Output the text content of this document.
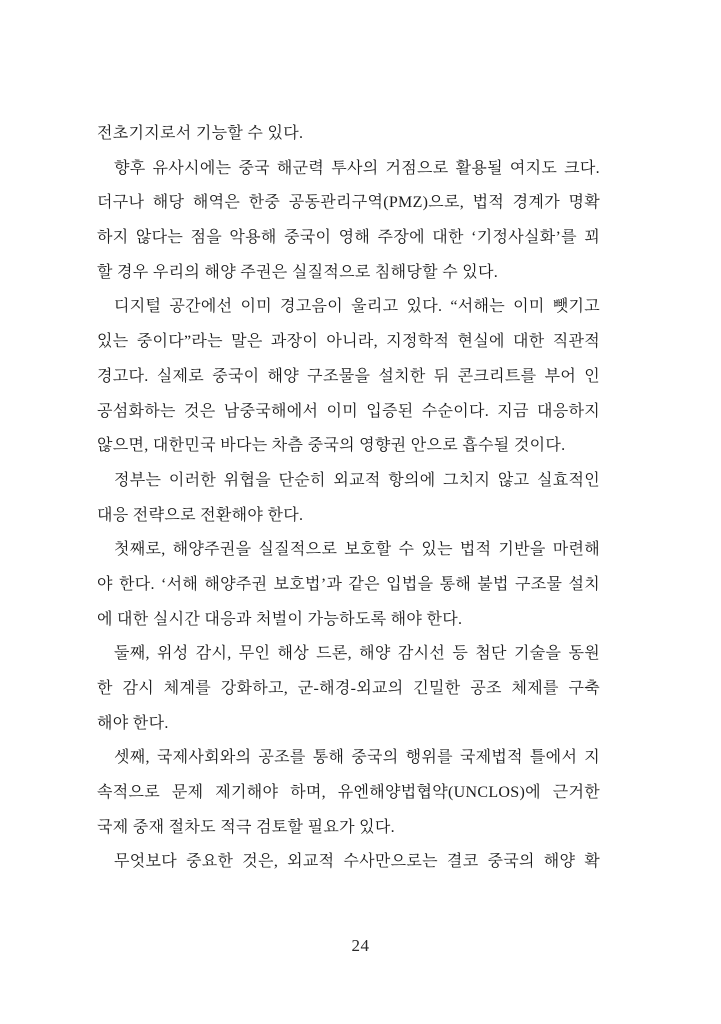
전초기지로서 기능할 수 있다.
향후 유사시에는 중국 해군력 투사의 거점으로 활용될 여지도 크다.
더구나 해당 해역은 한중 공동관리구역(PMZ)으로, 법적 경계가 명확
하지 않다는 점을 악용해 중국이 영해 주장에 대한 ‘기정사실화’를 꾀
할 경우 우리의 해양 주권은 실질적으로 침해당할 수 있다.
디지털 공간에선 이미 경고음이 울리고 있다. “서해는 이미 뺏기고
있는 중이다”라는 말은 과장이 아니라, 지정학적 현실에 대한 직관적
경고다. 실제로 중국이 해양 구조물을 설치한 뒤 콘크리트를 부어 인
공섬화하는 것은 남중국해에서 이미 입증된 수순이다. 지금 대응하지
않으면, 대한민국 바다는 차츰 중국의 영향권 안으로 흡수될 것이다.
정부는 이러한 위협을 단순히 외교적 항의에 그치지 않고 실효적인
대응 전략으로 전환해야 한다.
첫째로, 해양주권을 실질적으로 보호할 수 있는 법적 기반을 마련해
야 한다. ‘서해 해양주권 보호법’과 같은 입법을 통해 불법 구조물 설치
에 대한 실시간 대응과 처벌이 가능하도록 해야 한다.
둘째, 위성 감시, 무인 해상 드론, 해양 감시선 등 첨단 기술을 동원
한 감시 체계를 강화하고, 군-해경-외교의 긴밀한 공조 체제를 구축
해야 한다.
셋째, 국제사회와의 공조를 통해 중국의 행위를 국제법적 틀에서 지
속적으로 문제 제기해야 하며, 유엔해양법협약(UNCLOS)에 근거한
국제 중재 절차도 적극 검토할 필요가 있다.
무엇보다 중요한 것은, 외교적 수사만으로는 결코 중국의 해양 확
24
